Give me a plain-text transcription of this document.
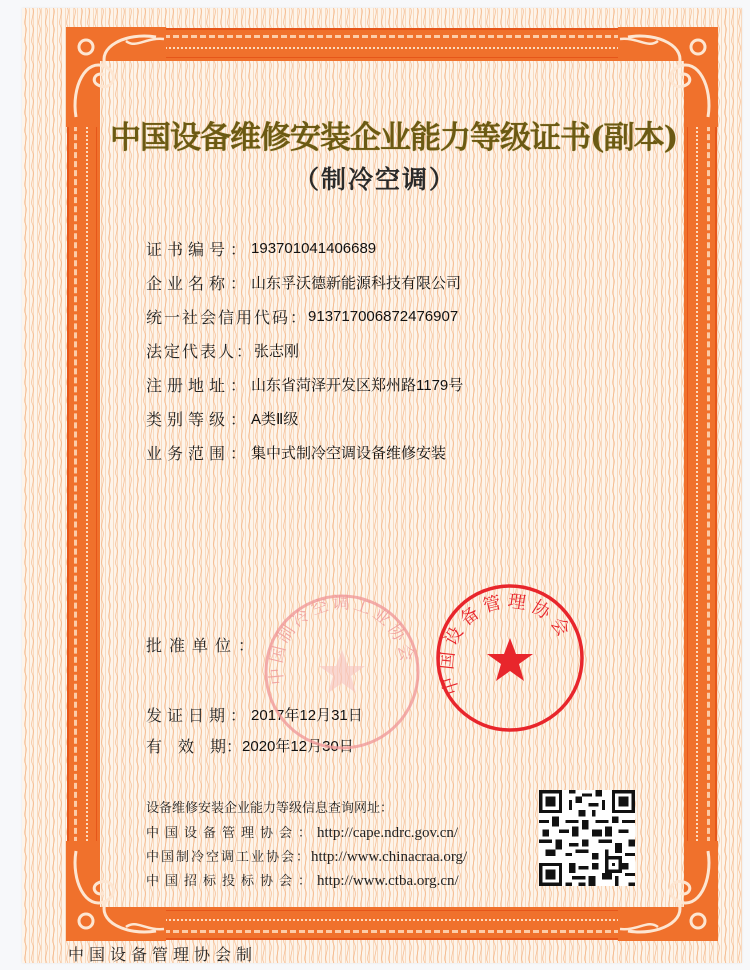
中国设备维修安装企业能力等级证书(副本)
（制冷空调）
证书编号： 193701041406689
企业名称： 山东孚沃德新能源科技有限公司
统一社会信用代码： 913717006872476907
法定代表人： 张志刚
注册地址： 山东省菏泽开发区郑州路1179号
类别等级： A类Ⅱ级
业务范围： 集中式制冷空调设备维修安装
批准单位：
发证日期： 2017年12月31日
有　效　期： 2020年12月30日
中国制冷空调工业协会
中国设备管理协会
设备维修安装企业能力等级信息查询网址：
中国设备管理协会：http://cape.ndrc.gov.cn/
中国制冷空调工业协会：http://www.chinacraa.org/
中国招标投标协会：http://www.ctba.org.cn/
中国设备管理协会制
